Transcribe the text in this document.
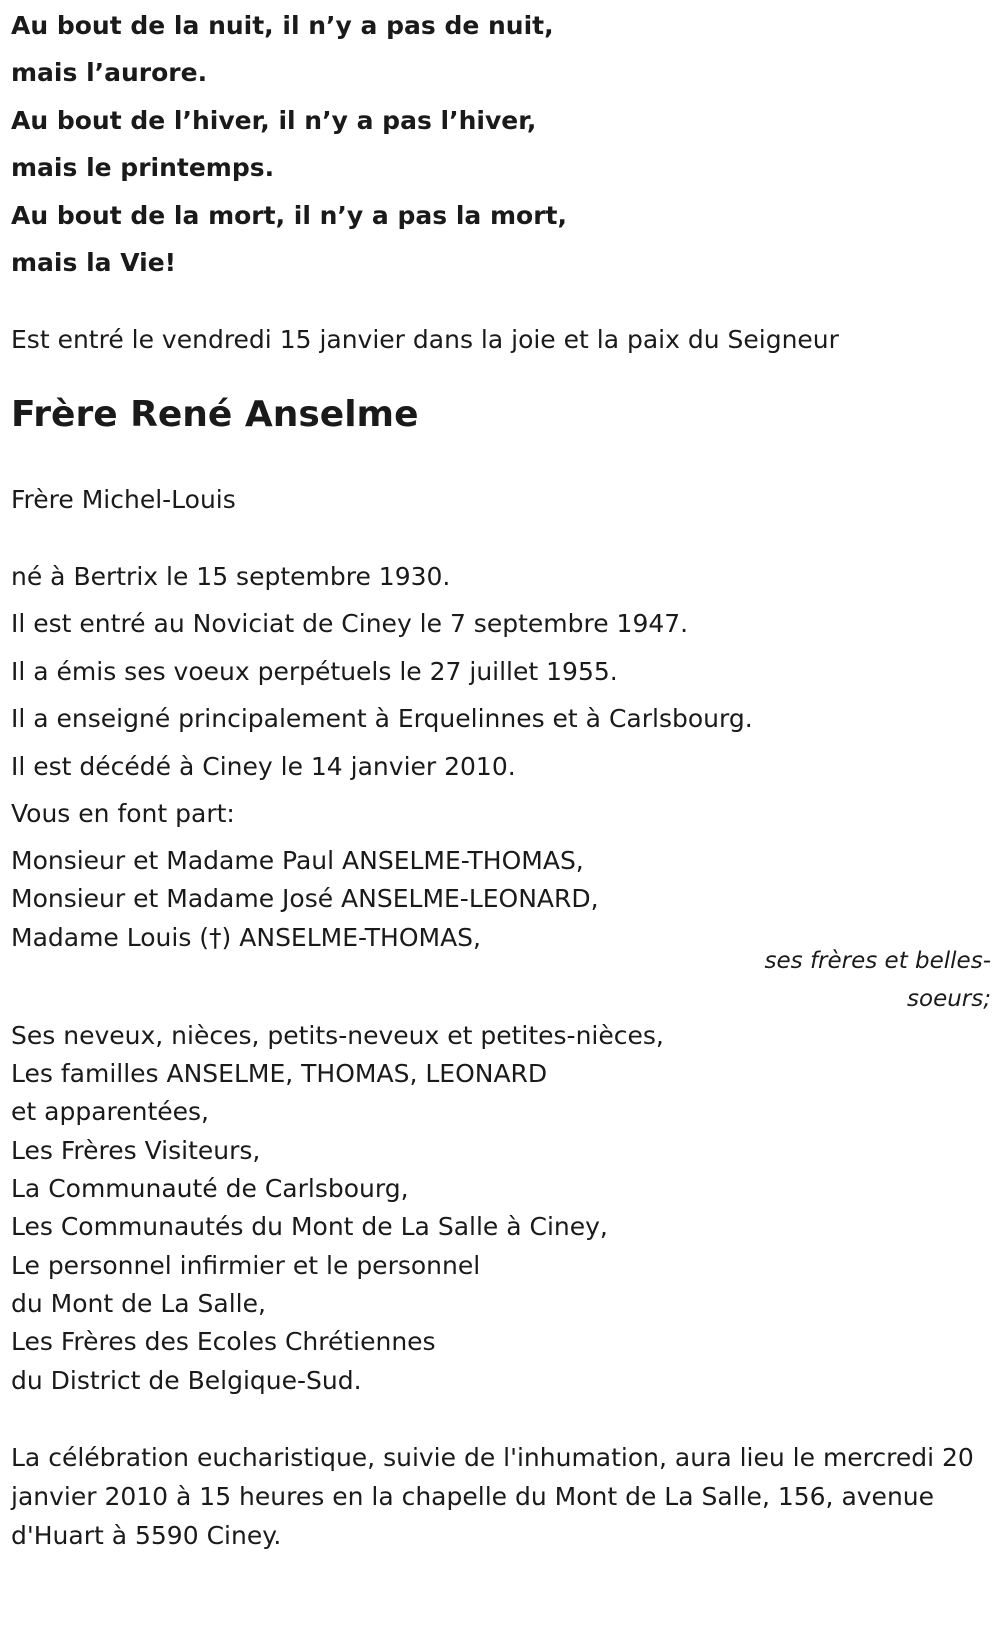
Au bout de la nuit, il n’y a pas de nuit,
mais l’aurore.
Au bout de l’hiver, il n’y a pas l’hiver,
mais le printemps.
Au bout de la mort, il n’y a pas la mort,
mais la Vie!
Est entré le vendredi 15 janvier dans la joie et la paix du Seigneur
Frère René Anselme
Frère Michel-Louis
né à Bertrix le 15 septembre 1930.
Il est entré au Noviciat de Ciney le 7 septembre 1947.
Il a émis ses voeux perpétuels le 27 juillet 1955.
Il a enseigné principalement à Erquelinnes et à Carlsbourg.
Il est décédé à Ciney le 14 janvier 2010.
Vous en font part:
Monsieur et Madame Paul ANSELME-THOMAS,
Monsieur et Madame José ANSELME-LEONARD,
Madame Louis (†) ANSELME-THOMAS,
ses frères et belles-soeurs;
Ses neveux, nièces, petits-neveux et petites-nièces,
Les familles ANSELME, THOMAS, LEONARD
et apparentées,
Les Frères Visiteurs,
La Communauté de Carlsbourg,
Les Communautés du Mont de La Salle à Ciney,
Le personnel infirmier et le personnel
du Mont de La Salle,
Les Frères des Ecoles Chrétiennes
du District de Belgique-Sud.
La célébration eucharistique, suivie de l'inhumation, aura lieu le mercredi 20 janvier 2010 à 15 heures en la chapelle du Mont de La Salle, 156, avenue d'Huart à 5590 Ciney.
